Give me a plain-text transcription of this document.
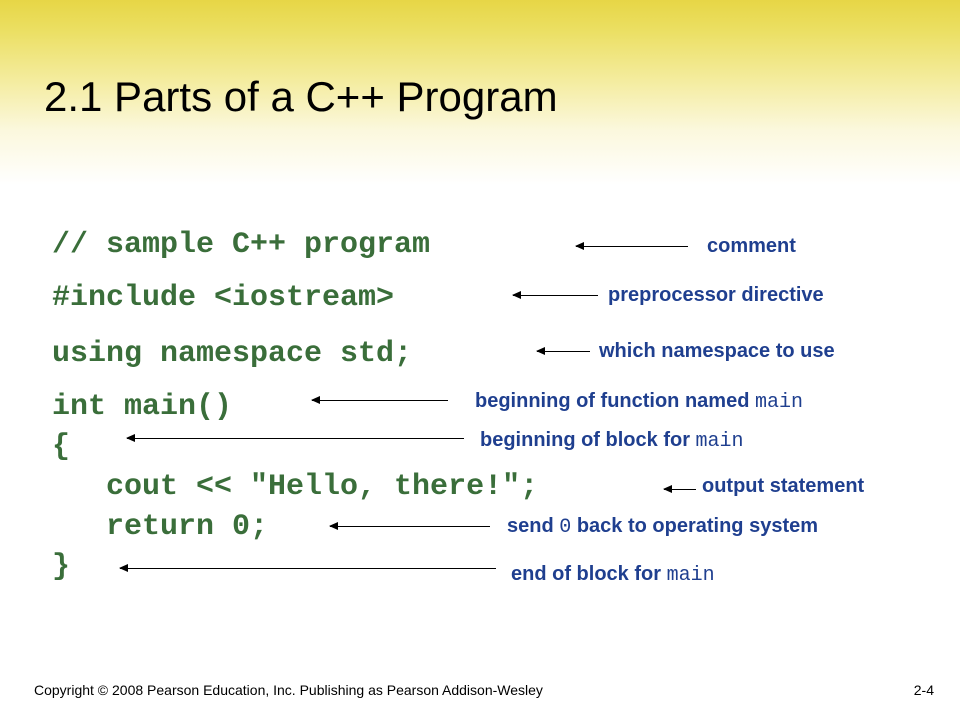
2.1 Parts of a C++ Program
// sample C++ program
#include <iostream>
using namespace std;
int main()
{
cout << "Hello, there!";
return 0;
}
comment
preprocessor directive
which namespace to use
beginning of function named main
beginning of block for main
output statement
send 0 back to operating system
end of block for main
Copyright © 2008 Pearson Education, Inc. Publishing as Pearson Addison-Wesley	2-4
